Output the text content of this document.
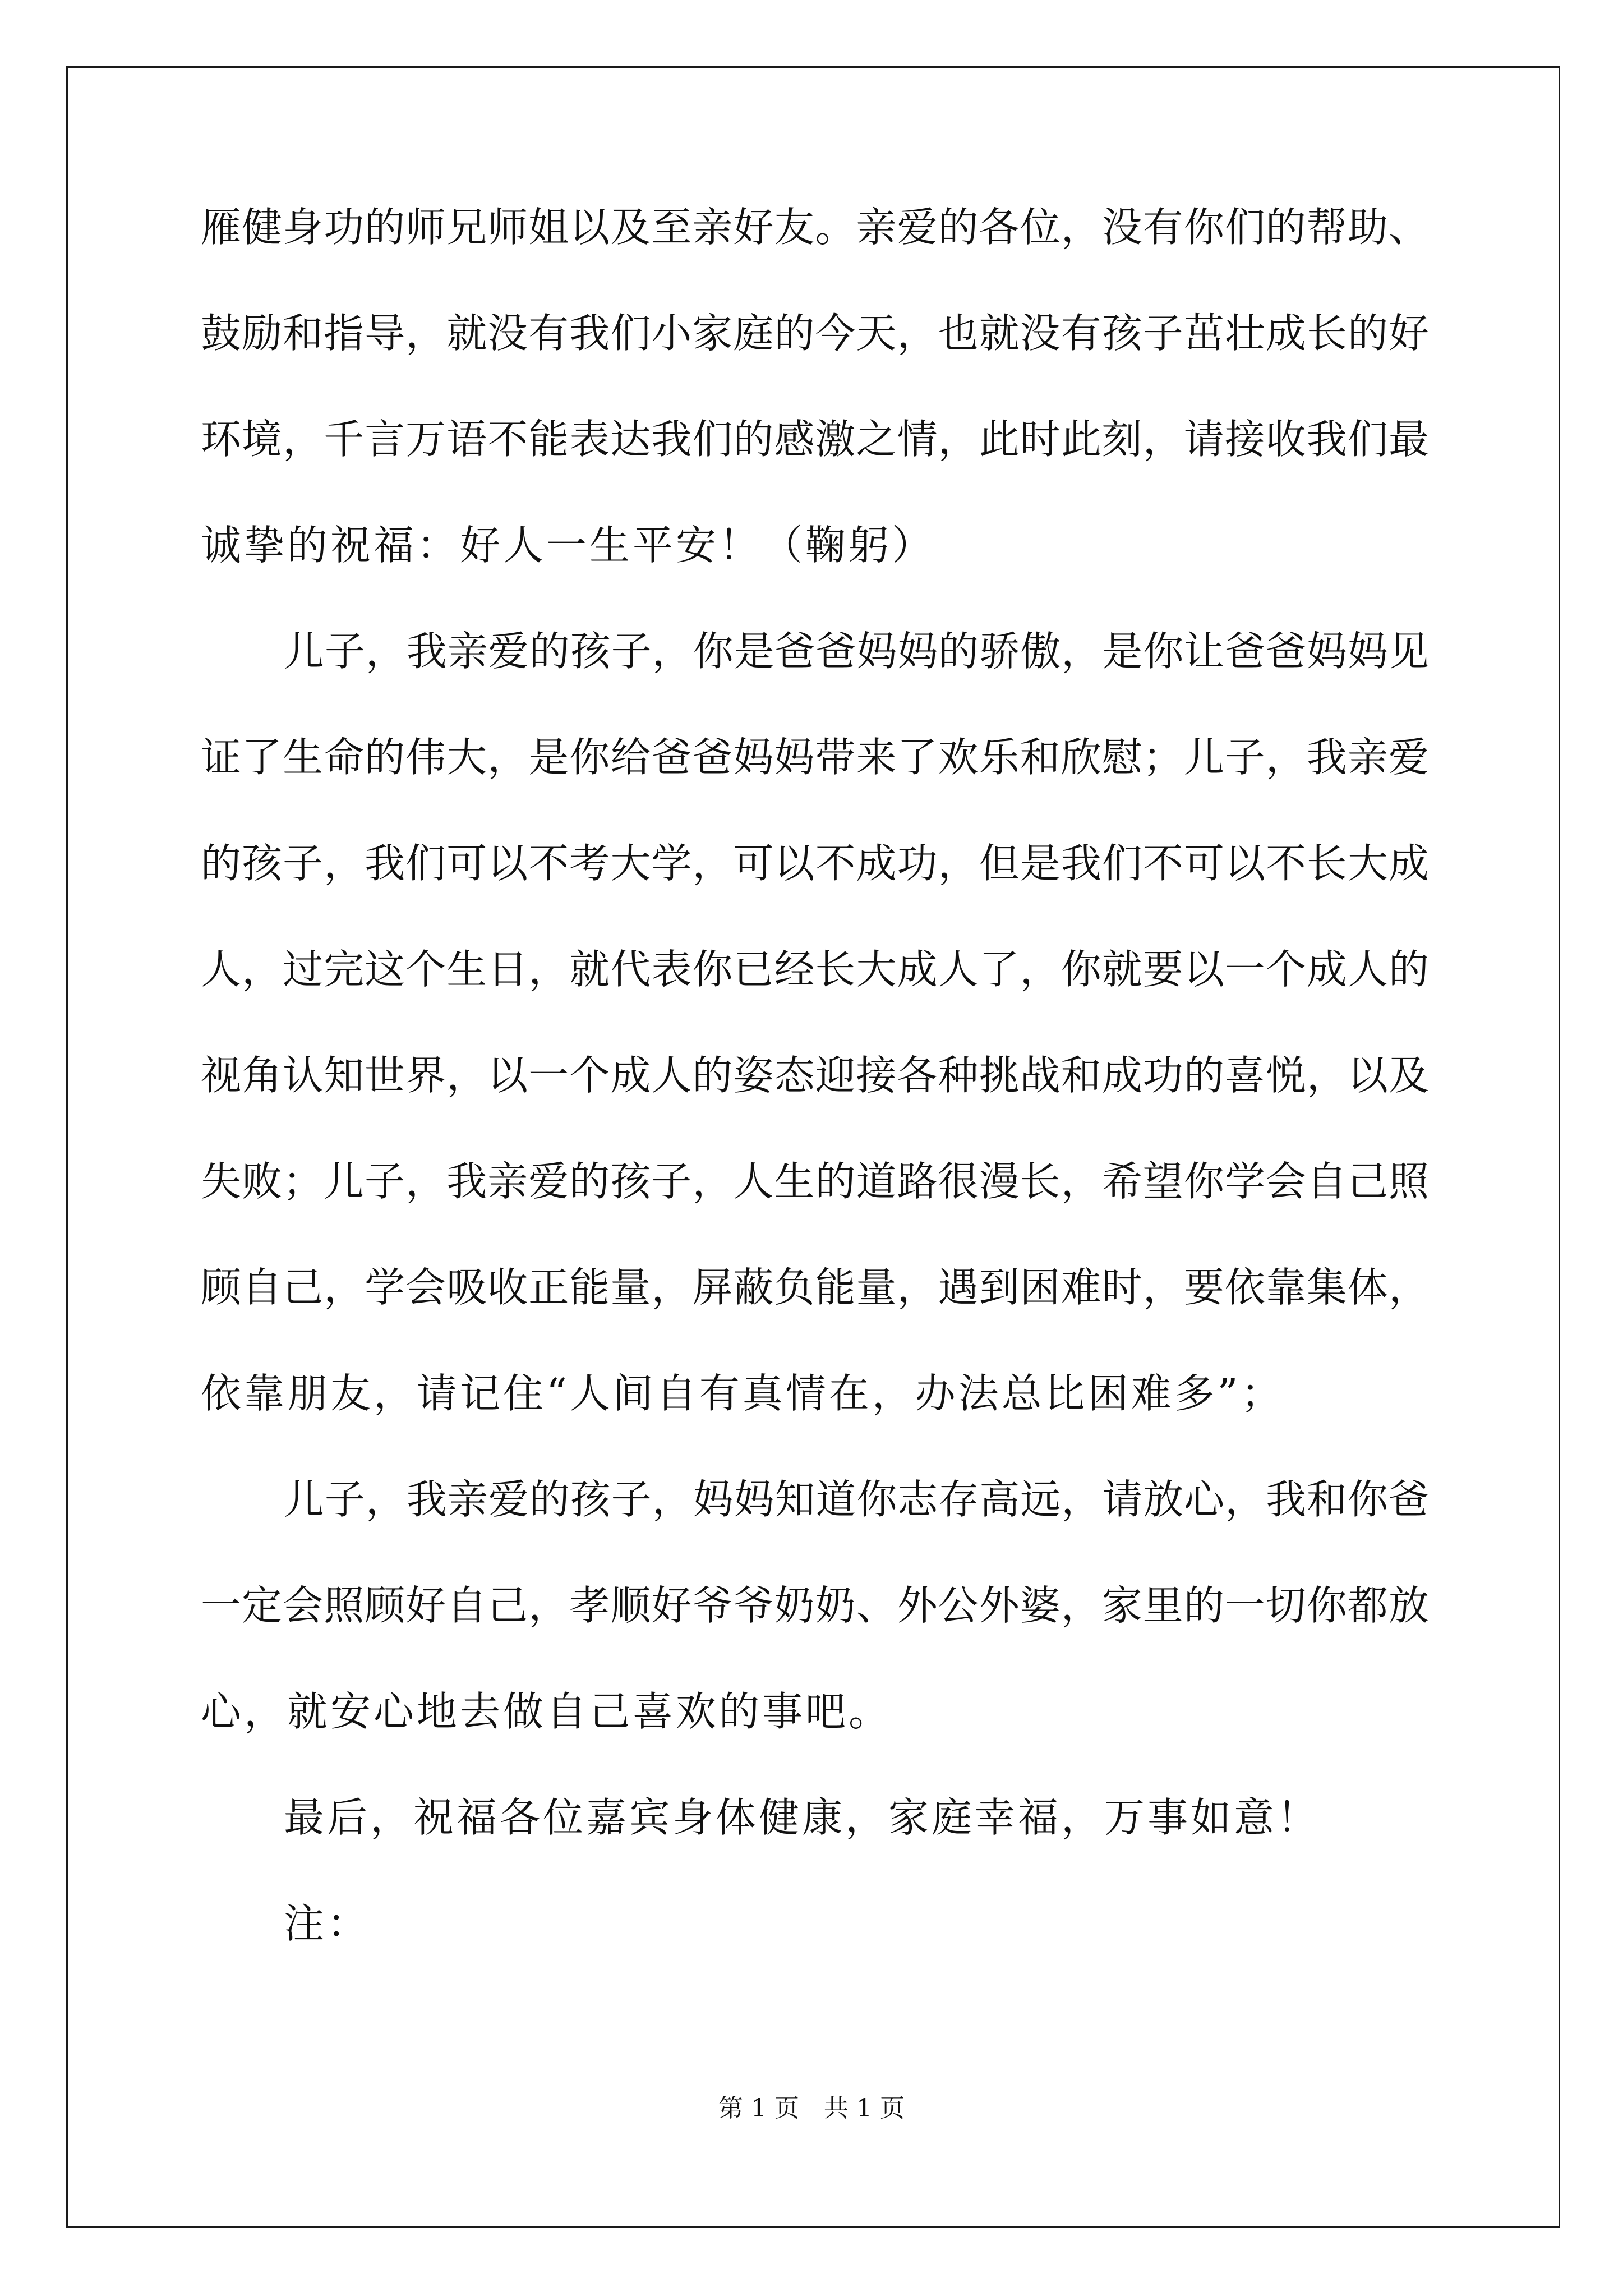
雁健身功的师兄师姐以及至亲好友。亲爱的各位，没有你们的帮助、
鼓励和指导，就没有我们小家庭的今天，也就没有孩子茁壮成长的好
环境，千言万语不能表达我们的感激之情，此时此刻，请接收我们最
诚挚的祝福：好人一生平安！（鞠躬）
儿子，我亲爱的孩子，你是爸爸妈妈的骄傲，是你让爸爸妈妈见
证了生命的伟大，是你给爸爸妈妈带来了欢乐和欣慰；儿子，我亲爱
的孩子，我们可以不考大学，可以不成功，但是我们不可以不长大成
人，过完这个生日，就代表你已经长大成人了，你就要以一个成人的
视角认知世界，以一个成人的姿态迎接各种挑战和成功的喜悦，以及
失败；儿子，我亲爱的孩子，人生的道路很漫长，希望你学会自己照
顾自己，学会吸收正能量，屏蔽负能量，遇到困难时，要依靠集体，
依靠朋友，请记住“人间自有真情在，办法总比困难多”；
儿子，我亲爱的孩子，妈妈知道你志存高远，请放心，我和你爸
一定会照顾好自己，孝顺好爷爷奶奶、外公外婆，家里的一切你都放
心，就安心地去做自己喜欢的事吧。
最后，祝福各位嘉宾身体健康，家庭幸福，万事如意！
注：
第 1 页　共 1 页
